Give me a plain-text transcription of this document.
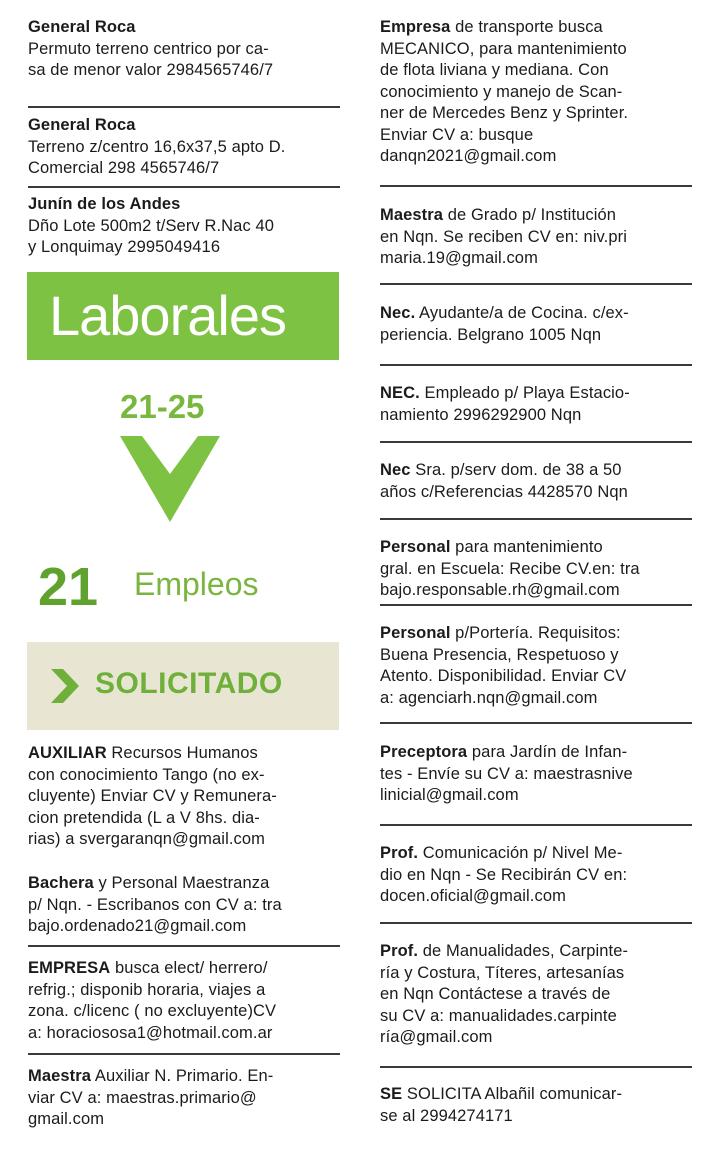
General Roca
Permuto terreno centrico por ca-
sa de menor valor 2984565746/7
General Roca
Terreno z/centro 16,6x37,5 apto D.
Comercial 298 4565746/7
Junín de los Andes
Dño Lote 500m2 t/Serv R.Nac 40
y Lonquimay 2995049416
Laborales
21-25
21 Empleos
SOLICITADO
AUXILIAR Recursos Humanos
con conocimiento Tango (no ex-
cluyente) Enviar CV y Remunera-
cion pretendida (L a V 8hs. dia-
rias) a svergaranqn@gmail.com
Bachera y Personal Maestranza
p/ Nqn. - Escribanos con CV a: tra
bajo.ordenado21@gmail.com
EMPRESA busca elect/ herrero/
refrig.; disponib horaria, viajes a
zona. c/licenc ( no excluyente)CV
a: horaciososa1@hotmail.com.ar
Maestra Auxiliar N. Primario. En-
viar CV a: maestras.primario@
gmail.com
Empresa de transporte busca
MECANICO, para mantenimiento
de flota liviana y mediana. Con
conocimiento y manejo de Scan-
ner de Mercedes Benz y Sprinter.
Enviar CV a: busque
danqn2021@gmail.com
Maestra de Grado p/ Institución
en Nqn. Se reciben CV en: niv.pri
maria.19@gmail.com
Nec. Ayudante/a de Cocina. c/ex-
periencia. Belgrano 1005 Nqn
NEC. Empleado p/ Playa Estacio-
namiento 2996292900 Nqn
Nec Sra. p/serv dom. de 38 a 50
años c/Referencias 4428570 Nqn
Personal para mantenimiento
gral. en Escuela: Recibe CV.en: tra
bajo.responsable.rh@gmail.com
Personal p/Portería. Requisitos:
Buena Presencia, Respetuoso y
Atento. Disponibilidad. Enviar CV
a: agenciarh.nqn@gmail.com
Preceptora para Jardín de Infan-
tes - Envíe su CV a: maestrasnive
linicial@gmail.com
Prof. Comunicación p/ Nivel Me-
dio en Nqn - Se Recibirán CV en:
docen.oficial@gmail.com
Prof. de Manualidades, Carpinte-
ría y Costura, Títeres, artesanías
en Nqn Contáctese a través de
su CV a: manualidades.carpinte
ría@gmail.com
SE SOLICITA Albañil comunicar-
se al 2994274171
